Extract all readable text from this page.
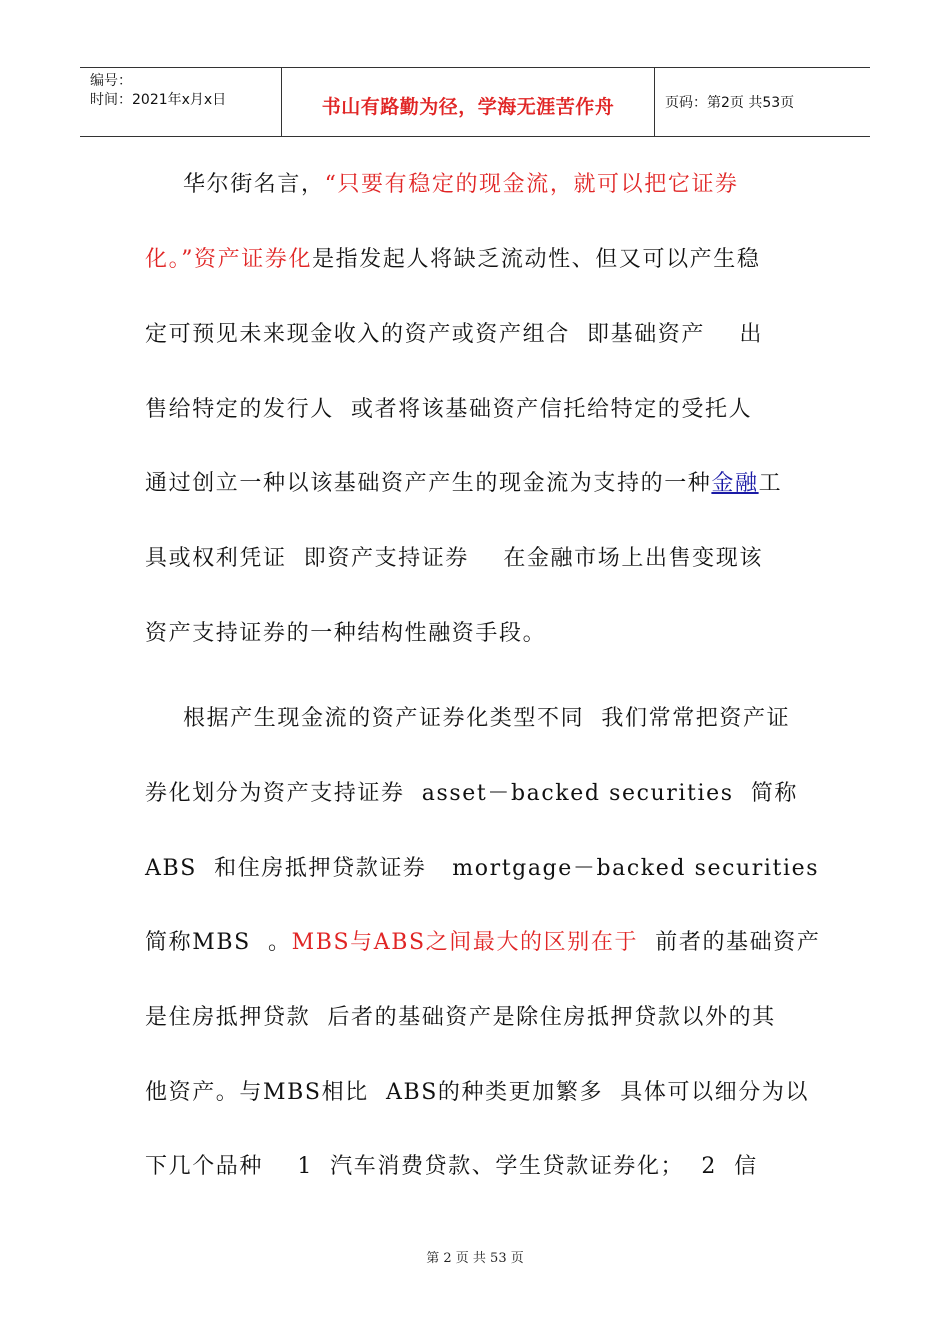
编号：
时间：2021年x月x日	书山有路勤为径，学海无涯苦作舟	页码：第2页 共53页
华尔街名言，“只要有稳定的现金流，就可以把它证券
化。”资产证券化是指发起人将缺乏流动性、但又可以产生稳
定可预见未来现金收入的资产或资产组合  即基础资产    出
售给特定的发行人  或者将该基础资产信托给特定的受托人
通过创立一种以该基础资产产生的现金流为支持的一种金融工
具或权利凭证  即资产支持证券    在金融市场上出售变现该
资产支持证券的一种结构性融资手段。
根据产生现金流的资产证券化类型不同  我们常常把资产证
券化划分为资产支持证券  asset－backed securities  简称
ABS  和住房抵押贷款证券   mortgage－backed securities
简称MBS  。MBS与ABS之间最大的区别在于  前者的基础资产
是住房抵押贷款  后者的基础资产是除住房抵押贷款以外的其
他资产。与MBS相比  ABS的种类更加繁多  具体可以细分为以
下几个品种    1  汽车消费贷款、学生贷款证券化；  2  信
第 2 页 共 53 页
